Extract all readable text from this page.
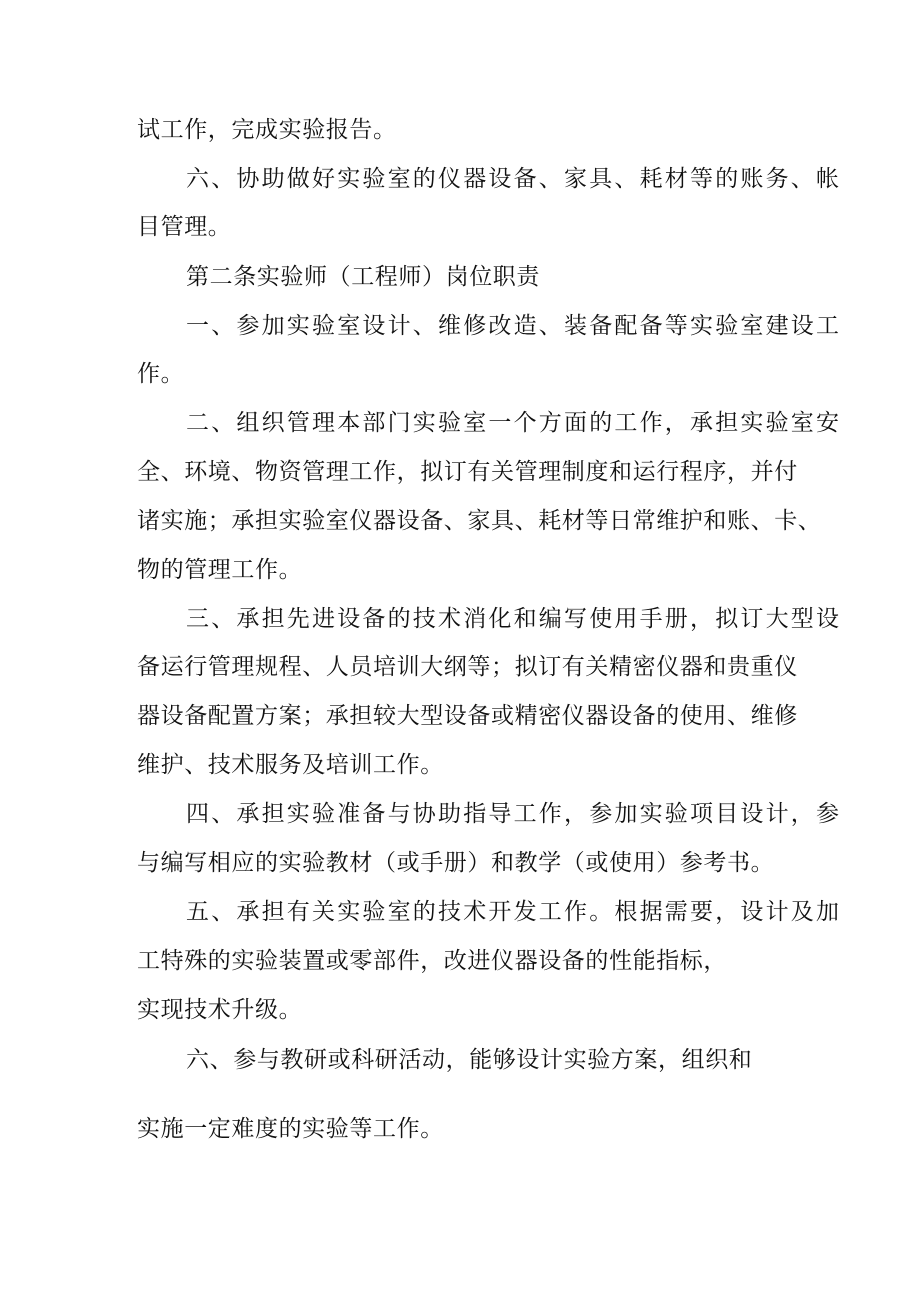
试工作，完成实验报告。
六、协助做好实验室的仪器设备、家具、耗材等的账务、帐
目管理。
第二条实验师（工程师）岗位职责
一、参加实验室设计、维修改造、装备配备等实验室建设工
作。
二、组织管理本部门实验室一个方面的工作，承担实验室安
全、环境、物资管理工作，拟订有关管理制度和运行程序，并付
诸实施；承担实验室仪器设备、家具、耗材等日常维护和账、卡、
物的管理工作。
三、承担先进设备的技术消化和编写使用手册，拟订大型设
备运行管理规程、人员培训大纲等；拟订有关精密仪器和贵重仪
器设备配置方案；承担较大型设备或精密仪器设备的使用、维修
维护、技术服务及培训工作。
四、承担实验准备与协助指导工作，参加实验项目设计，参
与编写相应的实验教材（或手册）和教学（或使用）参考书。
五、承担有关实验室的技术开发工作。根据需要，设计及加
工特殊的实验装置或零部件，改进仪器设备的性能指标，
实现技术升级。
六、参与教研或科研活动，能够设计实验方案，组织和
实施一定难度的实验等工作。
